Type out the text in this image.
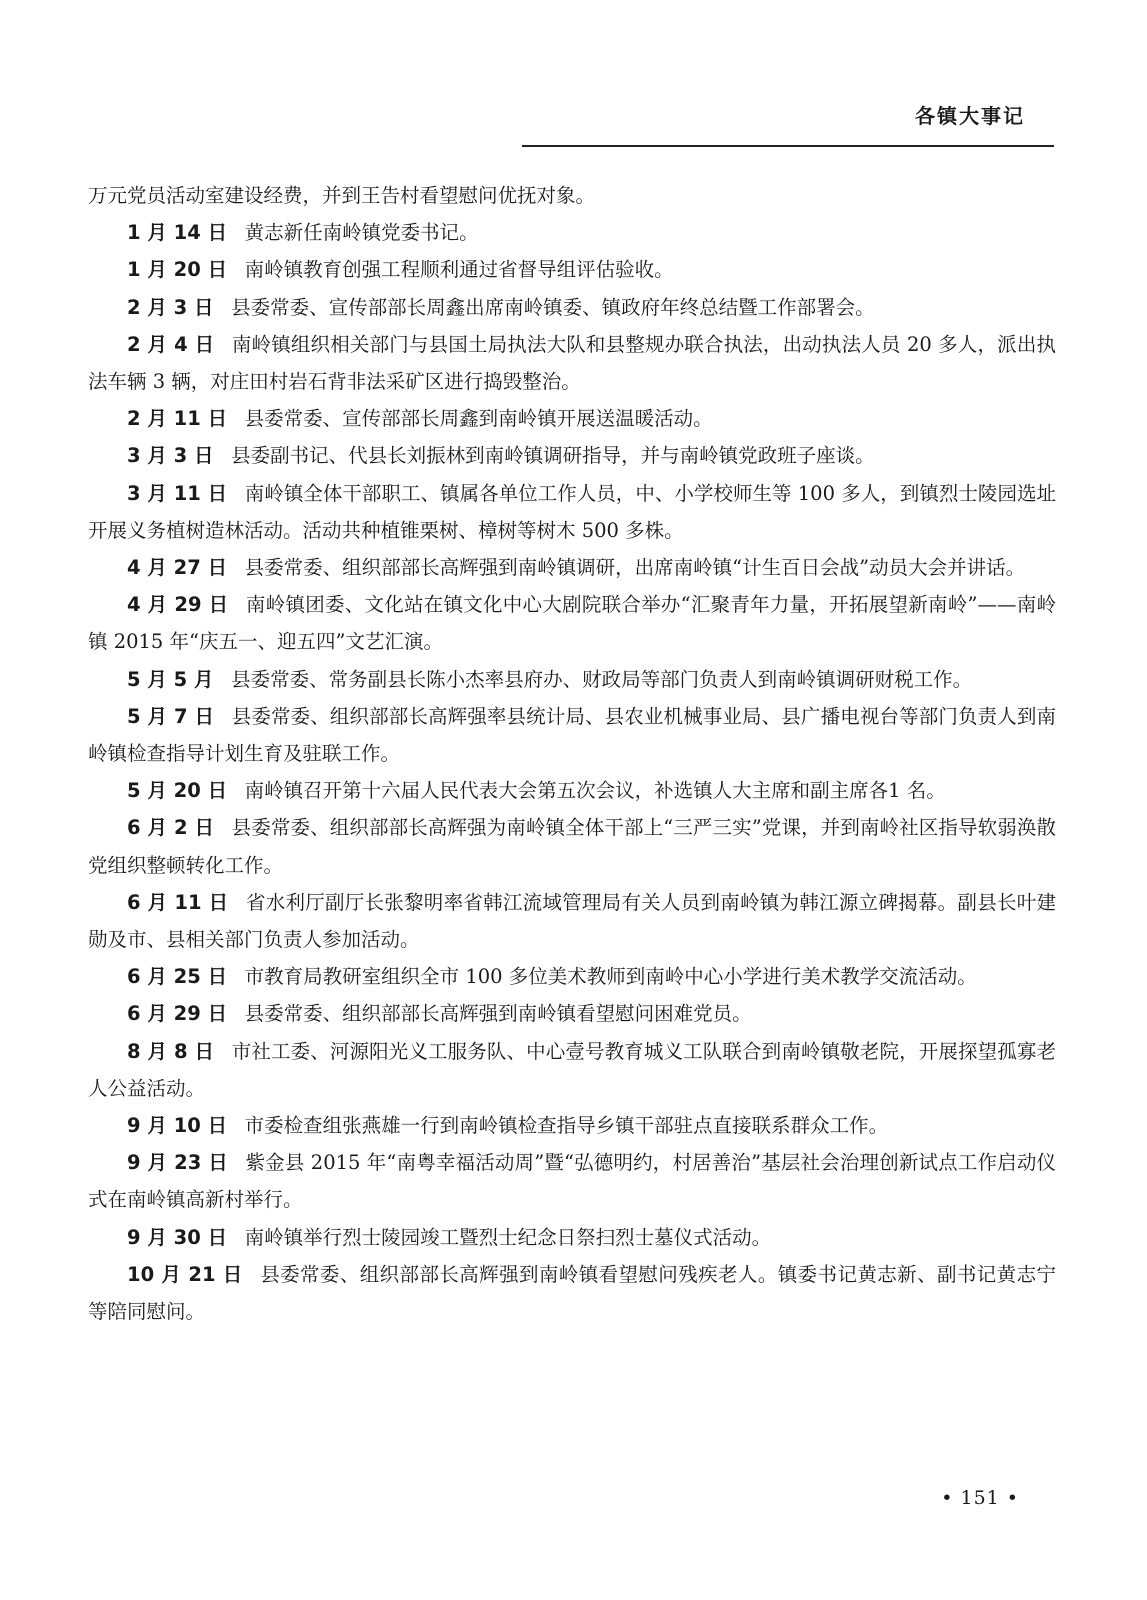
各镇大事记

万元党员活动室建设经费，并到王告村看望慰问优抚对象。

1 月 14 日 黄志新任南岭镇党委书记。

1 月 20 日 南岭镇教育创强工程顺利通过省督导组评估验收。

2 月 3 日 县委常委、宣传部部长周鑫出席南岭镇委、镇政府年终总结暨工作部署会。

2 月 4 日 南岭镇组织相关部门与县国土局执法大队和县整规办联合执法，出动执法人员 20 多人，派出执法车辆 3 辆，对庄田村岩石背非法采矿区进行捣毁整治。

2 月 11 日 县委常委、宣传部部长周鑫到南岭镇开展送温暖活动。

3 月 3 日 县委副书记、代县长刘振林到南岭镇调研指导，并与南岭镇党政班子座谈。

3 月 11 日 南岭镇全体干部职工、镇属各单位工作人员，中、小学校师生等 100 多人，到镇烈士陵园选址开展义务植树造林活动。活动共种植锥栗树、樟树等树木 500 多株。

4 月 27 日 县委常委、组织部部长高辉强到南岭镇调研，出席南岭镇“计生百日会战”动员大会并讲话。

4 月 29 日 南岭镇团委、文化站在镇文化中心大剧院联合举办“汇聚青年力量，开拓展望新南岭”——南岭镇 2015 年“庆五一、迎五四”文艺汇演。

5 月 5 月 县委常委、常务副县长陈小杰率县府办、财政局等部门负责人到南岭镇调研财税工作。

5 月 7 日 县委常委、组织部部长高辉强率县统计局、县农业机械事业局、县广播电视台等部门负责人到南岭镇检查指导计划生育及驻联工作。

5 月 20 日 南岭镇召开第十六届人民代表大会第五次会议，补选镇人大主席和副主席各1 名。

6 月 2 日 县委常委、组织部部长高辉强为南岭镇全体干部上“三严三实”党课，并到南岭社区指导软弱涣散党组织整顿转化工作。

6 月 11 日 省水利厅副厅长张黎明率省韩江流域管理局有关人员到南岭镇为韩江源立碑揭幕。副县长叶建勋及市、县相关部门负责人参加活动。

6 月 25 日 市教育局教研室组织全市 100 多位美术教师到南岭中心小学进行美术教学交流活动。

6 月 29 日 县委常委、组织部部长高辉强到南岭镇看望慰问困难党员。

8 月 8 日 市社工委、河源阳光义工服务队、中心壹号教育城义工队联合到南岭镇敬老院，开展探望孤寡老人公益活动。

9 月 10 日 市委检查组张燕雄一行到南岭镇检查指导乡镇干部驻点直接联系群众工作。

9 月 23 日 紫金县 2015 年“南粤幸福活动周”暨“弘德明约，村居善治”基层社会治理创新试点工作启动仪式在南岭镇高新村举行。

9 月 30 日 南岭镇举行烈士陵园竣工暨烈士纪念日祭扫烈士墓仪式活动。

10 月 21 日 县委常委、组织部部长高辉强到南岭镇看望慰问残疾老人。镇委书记黄志新、副书记黄志宁等陪同慰问。

• 151 •
